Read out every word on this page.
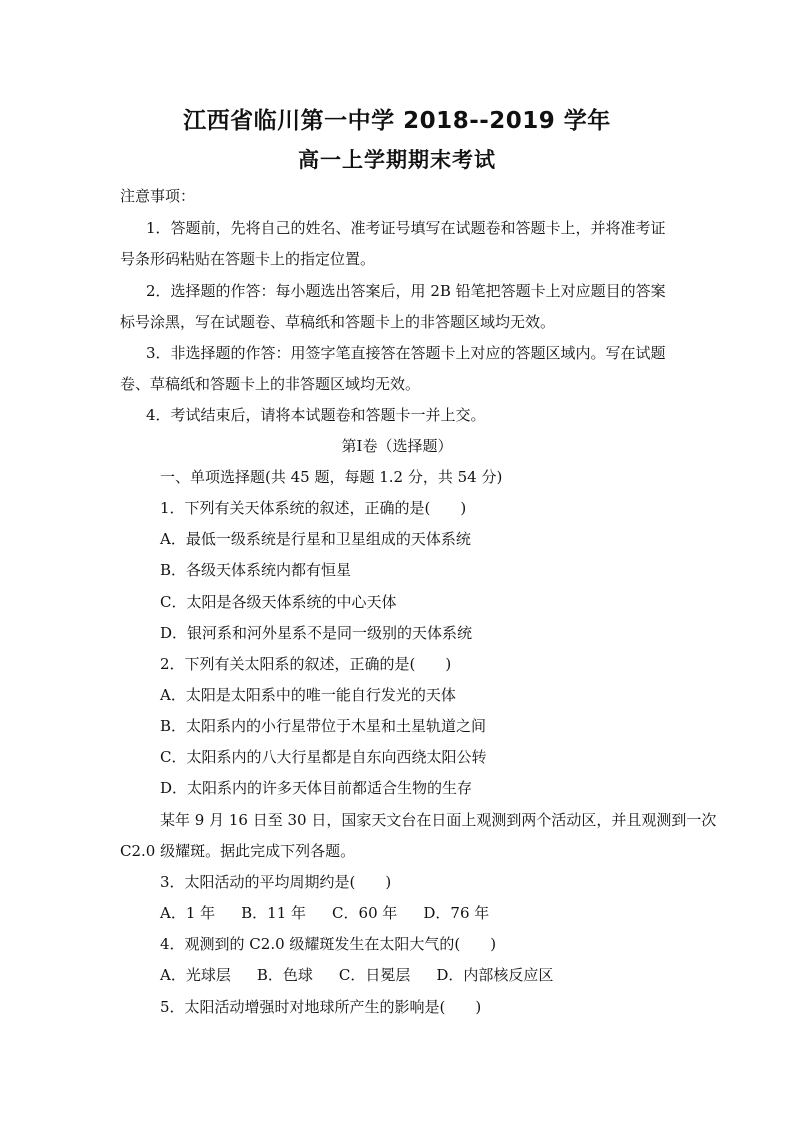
江西省临川第一中学 2018--2019 学年
高一上学期期末考试
注意事项：
1．答题前，先将自己的姓名、准考证号填写在试题卷和答题卡上，并将准考证
号条形码粘贴在答题卡上的指定位置。
2．选择题的作答：每小题选出答案后，用 2B 铅笔把答题卡上对应题目的答案
标号涂黑，写在试题卷、草稿纸和答题卡上的非答题区域均无效。
3．非选择题的作答：用签字笔直接答在答题卡上对应的答题区域内。写在试题
卷、草稿纸和答题卡上的非答题区域均无效。
4．考试结束后，请将本试题卷和答题卡一并上交。
第Ⅰ卷（选择题）
一、单项选择题(共 45 题，每题 1.2 分，共 54 分)
1．下列有关天体系统的叙述，正确的是(　　)
A．最低一级系统是行星和卫星组成的天体系统
B．各级天体系统内都有恒星
C．太阳是各级天体系统的中心天体
D．银河系和河外星系不是同一级别的天体系统
2．下列有关太阳系的叙述，正确的是(　　)
A．太阳是太阳系中的唯一能自行发光的天体
B．太阳系内的小行星带位于木星和土星轨道之间
C．太阳系内的八大行星都是自东向西绕太阳公转
D．太阳系内的许多天体目前都适合生物的生存
某年 9 月 16 日至 30 日，国家天文台在日面上观测到两个活动区，并且观测到一次
C2.0 级耀斑。据此完成下列各题。
3．太阳活动的平均周期约是(　　)
A．1 年 B．11 年 C．60 年 D．76 年
4．观测到的 C2.0 级耀斑发生在太阳大气的(　　)
A．光球层 B．色球 C．日冕层 D．内部核反应区
5．太阳活动增强时对地球所产生的影响是(　　)
